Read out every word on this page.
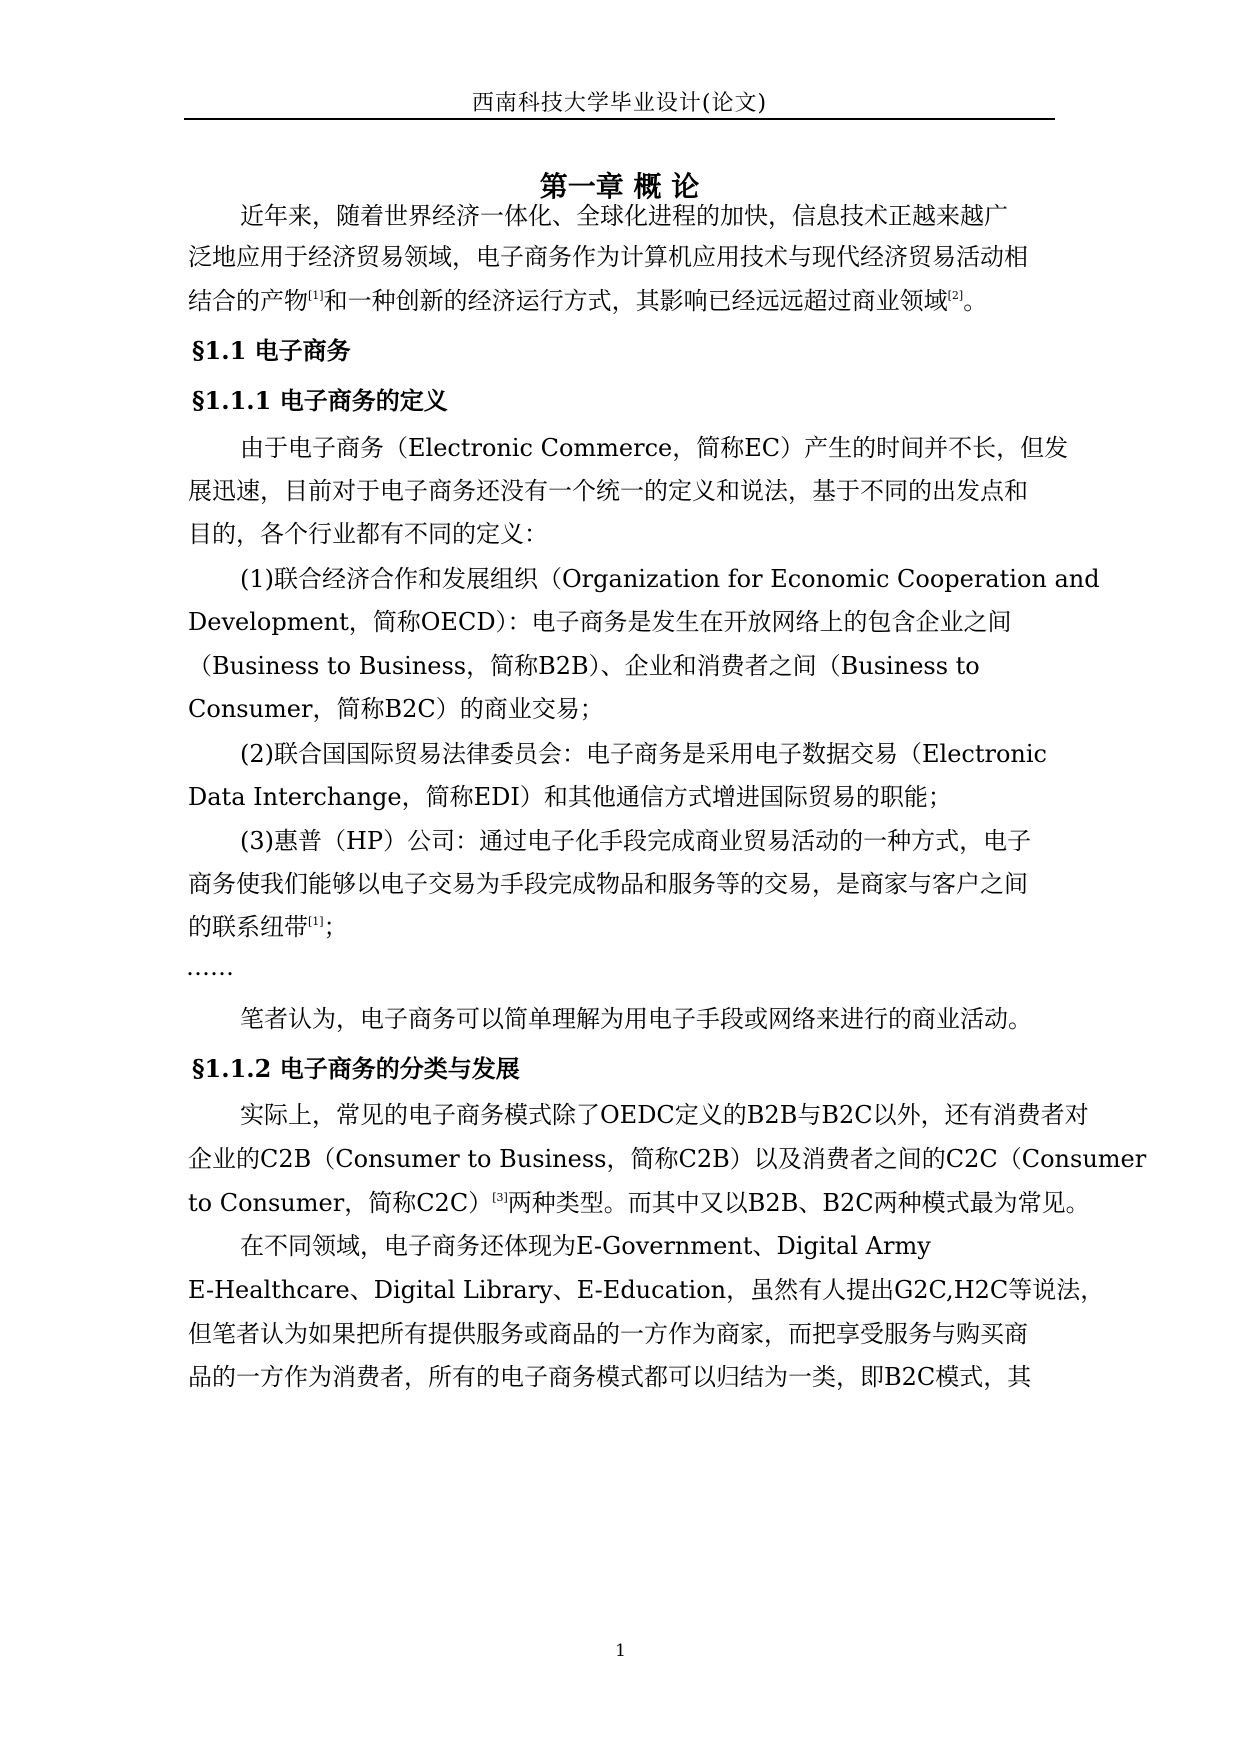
西南科技大学毕业设计(论文)
第一章 概 论
近年来，随着世界经济一体化、全球化进程的加快，信息技术正越来越广
泛地应用于经济贸易领域，电子商务作为计算机应用技术与现代经济贸易活动相
结合的产物[1]和一种创新的经济运行方式，其影响已经远远超过商业领域[2]。
§1.1 电子商务
§1.1.1 电子商务的定义
由于电子商务（Electronic Commerce，简称EC）产生的时间并不长，但发
展迅速，目前对于电子商务还没有一个统一的定义和说法，基于不同的出发点和
目的，各个行业都有不同的定义：
(1)联合经济合作和发展组织（Organization for Economic Cooperation and
Development，简称OECD）：电子商务是发生在开放网络上的包含企业之间
（Business to Business，简称B2B）、企业和消费者之间（Business to
Consumer，简称B2C）的商业交易；
(2)联合国国际贸易法律委员会：电子商务是采用电子数据交易（Electronic
Data Interchange，简称EDI）和其他通信方式增进国际贸易的职能；
(3)惠普（HP）公司：通过电子化手段完成商业贸易活动的一种方式，电子
商务使我们能够以电子交易为手段完成物品和服务等的交易，是商家与客户之间
的联系纽带[1]；
……
笔者认为，电子商务可以简单理解为用电子手段或网络来进行的商业活动。
§1.1.2 电子商务的分类与发展
实际上，常见的电子商务模式除了OEDC定义的B2B与B2C以外，还有消费者对
企业的C2B（Consumer to Business，简称C2B）以及消费者之间的C2C（Consumer
to Consumer，简称C2C）[3]两种类型。而其中又以B2B、B2C两种模式最为常见。
在不同领域，电子商务还体现为E-Government、Digital Army
E-Healthcare、Digital Library、E-Education，虽然有人提出G2C,H2C等说法，
但笔者认为如果把所有提供服务或商品的一方作为商家，而把享受服务与购买商
品的一方作为消费者，所有的电子商务模式都可以归结为一类，即B2C模式，其
1
